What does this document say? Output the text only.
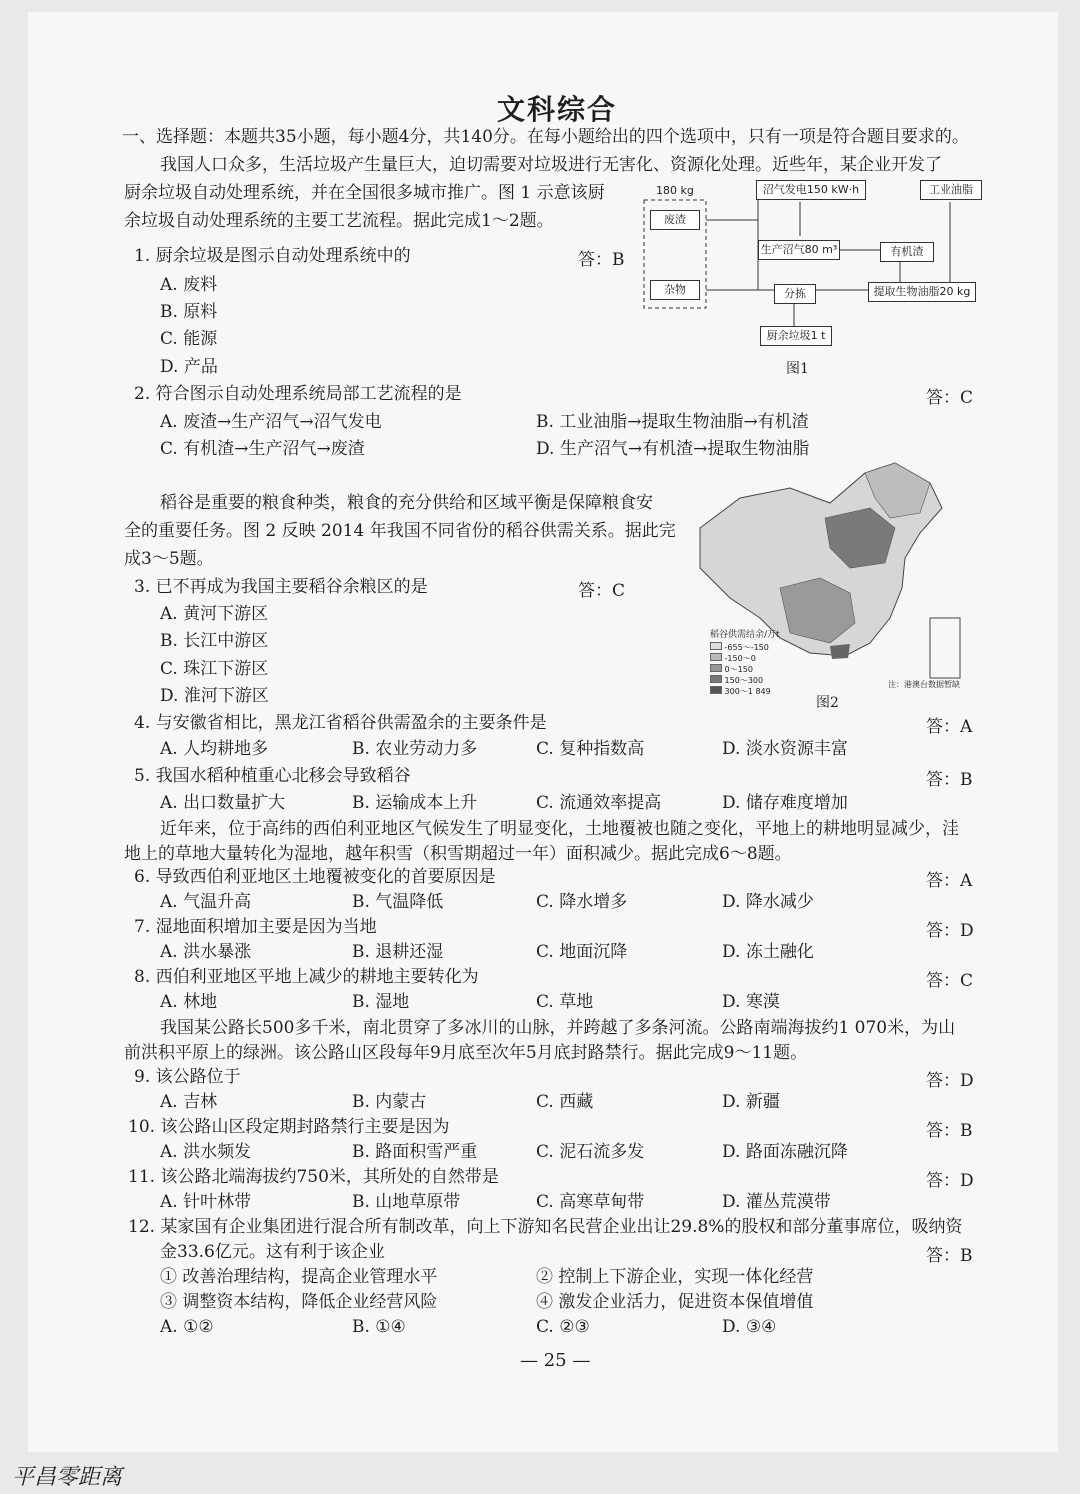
文科综合
一、选择题：本题共35小题，每小题4分，共140分。在每小题给出的四个选项中，只有一项是符合题目要求的。
我国人口众多，生活垃圾产生量巨大，迫切需要对垃圾进行无害化、资源化处理。近些年，某企业开发了
厨余垃圾自动处理系统，并在全国很多城市推广。图 1 示意该厨
余垃圾自动处理系统的主要工艺流程。据此完成1～2题。
1. 厨余垃圾是图示自动处理系统中的	答：B
A. 废料
B. 原料
C. 能源
D. 产品
180 kg
废渣
杂物
沼气发电150 kW·h	工业油脂
生产沼气80 m³	有机渣
分拣	提取生物油脂20 kg
厨余垃圾1 t
图1
2. 符合图示自动处理系统局部工艺流程的是	答：C
A. 废渣→生产沼气→沼气发电	B. 工业油脂→提取生物油脂→有机渣
C. 有机渣→生产沼气→废渣	D. 生产沼气→有机渣→提取生物油脂
稻谷是重要的粮食种类，粮食的充分供给和区域平衡是保障粮食安
全的重要任务。图 2 反映 2014 年我国不同省份的稻谷供需关系。据此完
成3～5题。
3. 已不再成为我国主要稻谷余粮区的是	答：C
A. 黄河下游区
B. 长江中游区
C. 珠江下游区
D. 淮河下游区
稻谷供需结余/万t
-655～-150
-150～0
0～150
150～300
300～1 849
注：港澳台数据暂缺
图2
4. 与安徽省相比，黑龙江省稻谷供需盈余的主要条件是	答：A
A. 人均耕地多	B. 农业劳动力多	C. 复种指数高	D. 淡水资源丰富
5. 我国水稻种植重心北移会导致稻谷	答：B
A. 出口数量扩大	B. 运输成本上升	C. 流通效率提高	D. 储存难度增加
近年来，位于高纬的西伯利亚地区气候发生了明显变化，土地覆被也随之变化，平地上的耕地明显减少，洼
地上的草地大量转化为湿地，越年积雪（积雪期超过一年）面积减少。据此完成6～8题。
6. 导致西伯利亚地区土地覆被变化的首要原因是	答：A
A. 气温升高	B. 气温降低	C. 降水增多	D. 降水减少
7. 湿地面积增加主要是因为当地	答：D
A. 洪水暴涨	B. 退耕还湿	C. 地面沉降	D. 冻土融化
8. 西伯利亚地区平地上减少的耕地主要转化为	答：C
A. 林地	B. 湿地	C. 草地	D. 寒漠
我国某公路长500多千米，南北贯穿了多冰川的山脉，并跨越了多条河流。公路南端海拔约1 070米，为山
前洪积平原上的绿洲。该公路山区段每年9月底至次年5月底封路禁行。据此完成9～11题。
9. 该公路位于	答：D
A. 吉林	B. 内蒙古	C. 西藏	D. 新疆
10. 该公路山区段定期封路禁行主要是因为	答：B
A. 洪水频发	B. 路面积雪严重	C. 泥石流多发	D. 路面冻融沉降
11. 该公路北端海拔约750米，其所处的自然带是	答：D
A. 针叶林带	B. 山地草原带	C. 高寒草甸带	D. 灌丛荒漠带
12. 某家国有企业集团进行混合所有制改革，向上下游知名民营企业出让29.8%的股权和部分董事席位，吸纳资
金33.6亿元。这有利于该企业	答：B
① 改善治理结构，提高企业管理水平	② 控制上下游企业，实现一体化经营
③ 调整资本结构，降低企业经营风险	④ 激发企业活力，促进资本保值增值
A. ①②	B. ①④	C. ②③	D. ③④
— 25 —
平昌零距离
